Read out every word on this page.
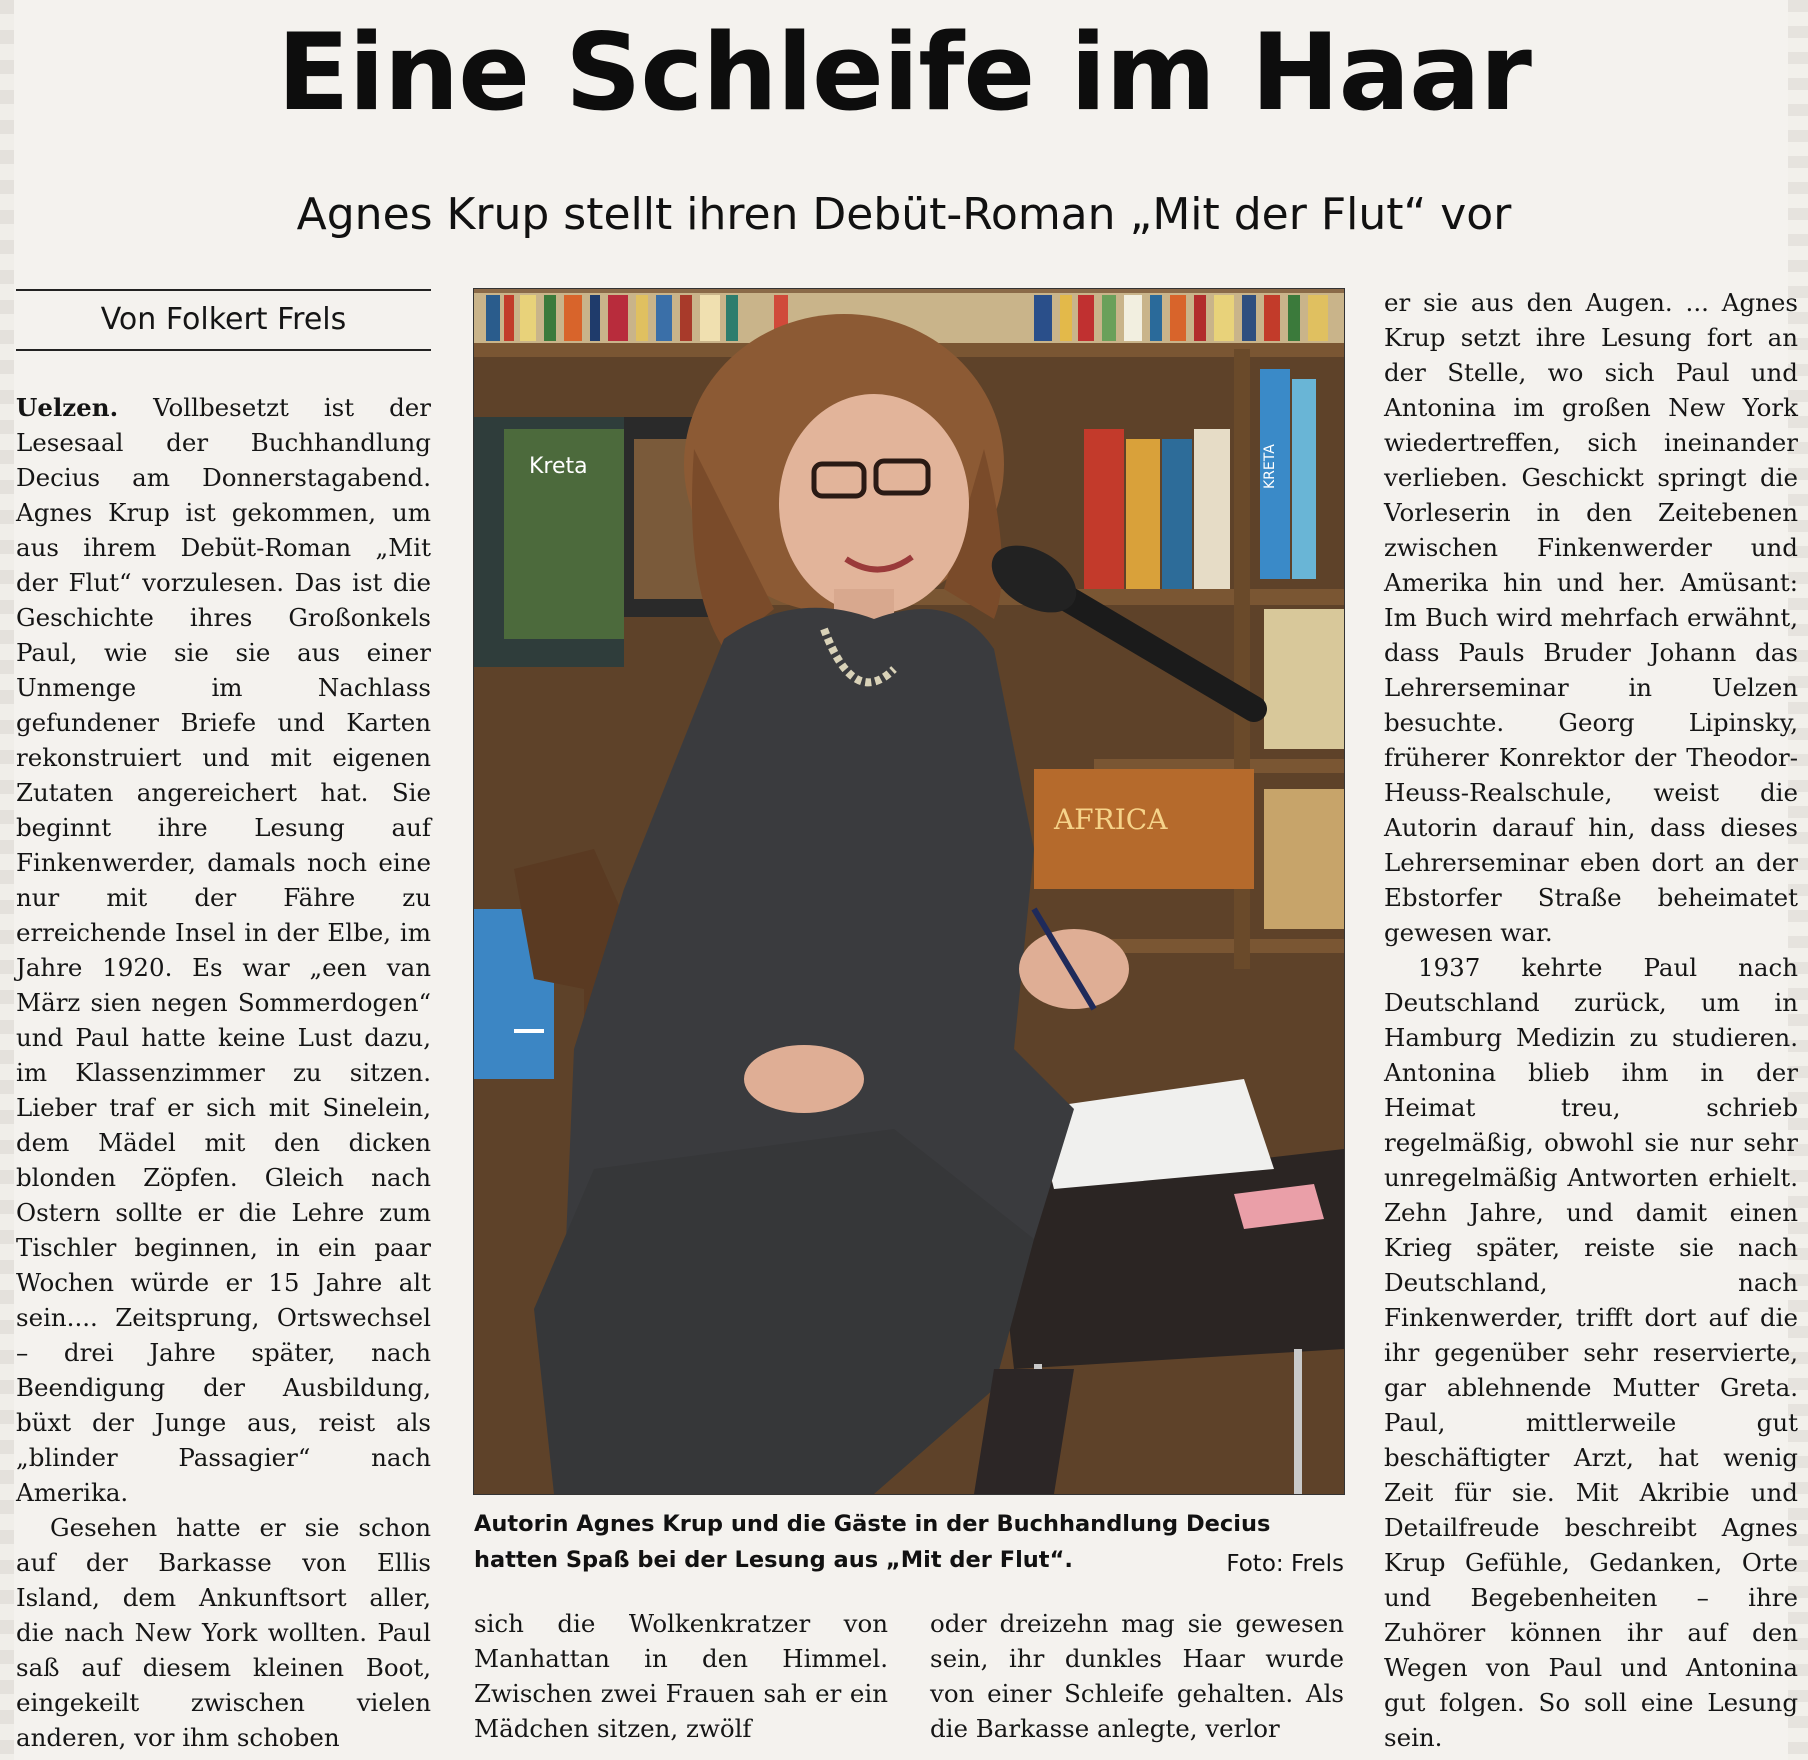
Eine Schleife im Haar
Agnes Krup stellt ihren Debüt-Roman „Mit der Flut“ vor
Von Folkert Frels

Uelzen. Vollbesetzt ist der Lesesaal der Buchhandlung Decius am Donnerstagabend. Agnes Krup ist gekommen, um aus ihrem Debüt-Roman „Mit der Flut“ vorzulesen. Das ist die Geschichte ihres Großonkels Paul, wie sie sie aus einer Unmenge im Nachlass gefundener Briefe und Karten rekonstruiert und mit eigenen Zutaten angereichert hat. Sie beginnt ihre Lesung auf Finkenwerder, damals noch eine nur mit der Fähre zu erreichende Insel in der Elbe, im Jahre 1920. Es war „een van März sien negen Sommerdogen“ und Paul hatte keine Lust dazu, im Klassenzimmer zu sitzen. Lieber traf er sich mit Sinelein, dem Mädel mit den dicken blonden Zöpfen. Gleich nach Ostern sollte er die Lehre zum Tischler beginnen, in ein paar Wochen würde er 15 Jahre alt sein.... Zeitsprung, Ortswechsel – drei Jahre später, nach Beendigung der Ausbildung, büxt der Junge aus, reist als „blinder Passagier“ nach Amerika.

Gesehen hatte er sie schon auf der Barkasse von Ellis Island, dem Ankunftsort aller, die nach New York wollten. Paul saß auf diesem kleinen Boot, eingekeilt zwischen vielen anderen, vor ihm schoben

Kreta	KRETA
AFRICA
Autorin Agnes Krup und die Gäste in der Buchhandlung Decius hatten Spaß bei der Lesung aus „Mit der Flut“.	Foto: Frels

sich die Wolkenkratzer von Manhattan in den Himmel. Zwischen zwei Frauen sah er ein Mädchen sitzen, zwölf

oder dreizehn mag sie gewesen sein, ihr dunkles Haar wurde von einer Schleife gehalten. Als die Barkasse anlegte, verlor

er sie aus den Augen. ... Agnes Krup setzt ihre Lesung fort an der Stelle, wo sich Paul und Antonina im großen New York wiedertreffen, sich ineinander verlieben. Geschickt springt die Vorleserin in den Zeitebenen zwischen Finkenwerder und Amerika hin und her. Amüsant: Im Buch wird mehrfach erwähnt, dass Pauls Bruder Johann das Lehrerseminar in Uelzen besuchte. Georg Lipinsky, früherer Konrektor der Theodor-Heuss-Realschule, weist die Autorin darauf hin, dass dieses Lehrerseminar eben dort an der Ebstorfer Straße beheimatet gewesen war.

1937 kehrte Paul nach Deutschland zurück, um in Hamburg Medizin zu studieren. Antonina blieb ihm in der Heimat treu, schrieb regelmäßig, obwohl sie nur sehr unregelmäßig Antworten erhielt. Zehn Jahre, und damit einen Krieg später, reiste sie nach Deutschland, nach Finkenwerder, trifft dort auf die ihr gegenüber sehr reservierte, gar ablehnende Mutter Greta. Paul, mittlerweile gut beschäftigter Arzt, hat wenig Zeit für sie. Mit Akribie und Detailfreude beschreibt Agnes Krup Gefühle, Gedanken, Orte und Begebenheiten – ihre Zuhörer können ihr auf den Wegen von Paul und Antonina gut folgen. So soll eine Lesung sein.
